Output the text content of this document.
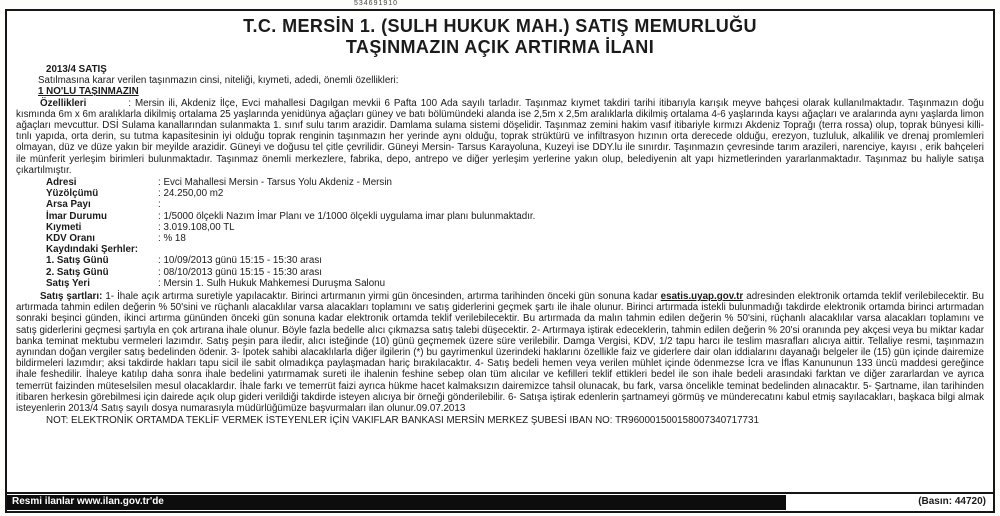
534691910
T.C. MERSİN 1. (SULH HUKUK MAH.) SATIŞ MEMURLUĞU
TAŞINMAZIN AÇIK ARTIRMA İLANI
2013/4 SATIŞ
Satılmasına karar verilen taşınmazın cinsi, niteliği, kıymeti, adedi, önemli özellikleri:
1 NO'LU TAŞINMAZIN

Özellikleri	: Mersin ili, Akdeniz İlçe, Evci mahallesi Dagılgan mevkii 6 Pafta 100 Ada sayılı tarladır. Taşınmaz kıymet takdiri tarihi itibarıyla karışık meyve bahçesi olarak kullanılmaktadır. Taşınmazın doğu kısmında 6m x 6m aralıklarla dikilmiş ortalama 25 yaşlarında yenidünya ağaçları güney ve batı bölümündeki alanda ise 2,5m x 2,5m aralıklarla dikilmiş ortalama 4-6 yaşlarında kaysı ağaçları ve aralarında aynı yaşlarda limon ağaçları mevcuttur. DSİ Sulama kanallarından sulanmakta 1. sınıf sulu tarım arazidir. Damlama sulama sistemi döşelidir. Taşınmaz zemini hakim vasıf itibariyle kırmızı Akdeniz Toprağı (terra rossa) olup, toprak bünyesi killi- tınlı yapıda, orta derin, su tutma kapasitesinin iyi olduğu toprak renginin taşınmazın her yerinde aynı olduğu, toprak strüktürü ve infiltrasyon hızının orta derecede olduğu, erezyon, tuzluluk, alkalilik ve drenaj promlemleri olmayan, düz ve düze yakın bir meyilde arazidir. Güneyi ve doğusu tel çitle çevrilidir. Güneyi Mersin- Tarsus Karayoluna, Kuzeyi ise DDY.lu ile sınırdır. Taşınmazın çevresinde tarım arazileri, narenciye, kayısı , erik bahçeleri ile münferit yerleşim birimleri bulunmaktadır. Taşınmaz önemli merkezlere, fabrika, depo, antrepo ve diğer yerleşim yerlerine yakın olup, belediyenin alt yapı hizmetlerinden yararlanmaktadır. Taşınmaz bu haliyle satışa çıkartılmıştır.

Adresi	: Evci Mahallesi Mersin - Tarsus Yolu Akdeniz - Mersin
Yüzölçümü	: 24.250,00 m2
Arsa Payı	:
İmar Durumu	: 1/5000 ölçekli Nazım İmar Planı ve 1/1000 ölçekli uygulama imar planı bulunmaktadır.
Kıymeti	: 3.019.108,00 TL
KDV Oranı	: % 18
Kaydındaki Şerhler:
1. Satış Günü	: 10/09/2013 günü 15:15 - 15:30 arası
2. Satış Günü	: 08/10/2013 günü 15:15 - 15:30 arası
Satış Yeri	: Mersin 1. Sulh Hukuk Mahkemesi Duruşma Salonu

Satış şartları: 1- İhale açık artırma suretiyle yapılacaktır. Birinci artırmanın yirmi gün öncesinden, artırma tarihinden önceki gün sonuna kadar esatis.uyap.gov.tr adresinden elektronik ortamda teklif verilebilecektir. Bu artırmada tahmin edilen değerin % 50'sini ve rüçhanlı alacaklılar varsa alacakları toplamını ve satış giderlerini geçmek şartı ile ihale olunur. Birinci artırmada istekli bulunmadığı takdirde elektronik ortamda birinci artırmadan sonraki beşinci günden, ikinci artırma gününden önceki gün sonuna kadar elektronik ortamda teklif verilebilecektir. Bu artırmada da malın tahmin edilen değerin % 50'sini, rüçhanlı alacaklılar varsa alacakları toplamını ve satış giderlerini geçmesi şartıyla en çok artırana ihale olunur. Böyle fazla bedelle alıcı çıkmazsa satış talebi düşecektir. 2- Artırmaya iştirak edeceklerin, tahmin edilen değerin % 20'si oranında pey akçesi veya bu miktar kadar banka teminat mektubu vermeleri lazımdır. Satış peşin para iledir, alıcı isteğinde (10) günü geçmemek üzere süre verilebilir. Damga Vergisi, KDV, 1/2 tapu harcı ile teslim masrafları alıcıya aittir. Tellaliye resmi, taşınmazın aynından doğan vergiler satış bedelinden ödenir. 3- İpotek sahibi alacaklılarla diğer ilgilerin (*) bu gayrimenkul üzerindeki haklarını özellikle faiz ve giderlere dair olan iddialarını dayanağı belgeler ile (15) gün içinde dairemize bildirmeleri lazımdır; aksi takdirde hakları tapu sicil ile sabit olmadıkça paylaşmadan hariç bırakılacaktır. 4- Satış bedeli hemen veya verilen mühlet içinde ödenmezse İcra ve İflas Kanununun 133 üncü maddesi gereğince ihale feshedilir. İhaleye katılıp daha sonra ihale bedelini yatırmamak sureti ile ihalenin feshine sebep olan tüm alıcılar ve kefilleri teklif ettikleri bedel ile son ihale bedeli arasındaki farktan ve diğer zararlardan ve ayrıca temerrüt faizinden müteselsilen mesul olacaklardır. İhale farkı ve temerrüt faizi ayrıca hükme hacet kalmaksızın dairemizce tahsil olunacak, bu fark, varsa öncelikle teminat bedelinden alınacaktır. 5- Şartname, ilan tarihinden itibaren herkesin görebilmesi için dairede açık olup gideri verildiği takdirde isteyen alıcıya bir örneği gönderilebilir. 6- Satışa iştirak edenlerin şartnameyi görmüş ve münderecatını kabul etmiş sayılacakları, başkaca bilgi almak isteyenlerin 2013/4 Satış sayılı dosya numarasıyla müdürlüğümüze başvurmaları ilan olunur.09.07.2013

NOT: ELEKTRONİK ORTAMDA TEKLİF VERMEK İSTEYENLER İÇİN VAKIFLAR BANKASI MERSİN MERKEZ ŞUBESİ IBAN NO: TR960001500158007340717731
Resmi ilanlar www.ilan.gov.tr'de	(Basın: 44720)
